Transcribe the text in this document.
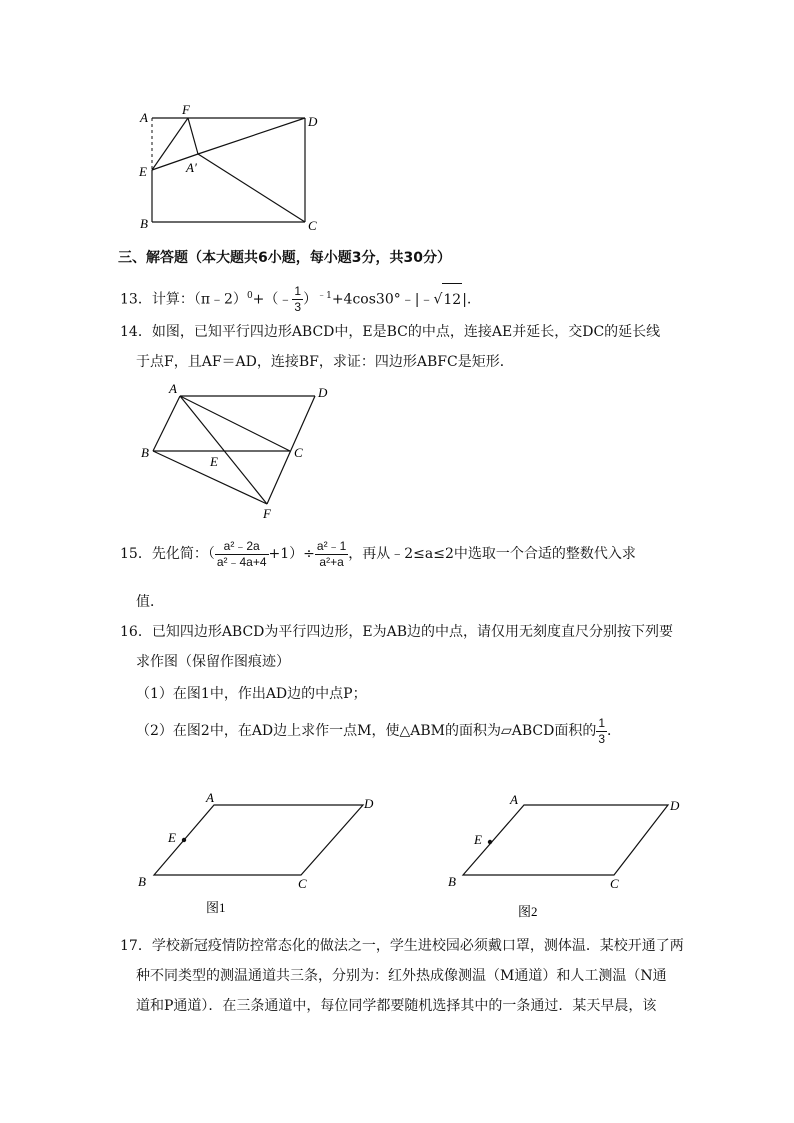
A
F
D
A′
E
B	C
三、解答题（本大题共6小题，每小题3分，共30分）
13．计算：（π﹣2）$^0$+（﹣ $\frac{1}{3}$ ）$^{﹣1}$+4cos30°﹣|﹣√12|.
14．如图，已知平行四边形ABCD中，E是BC的中点，连接AE并延长，交DC的延长线
于点F，且AF＝AD，连接BF，求证：四边形ABFC是矩形．
A	D
B
E
C
F
15．先化简：（ $\frac{\text{a²﹣2a}}{\text{a²﹣4a+4}} +1)\div \frac{\text{a²﹣1}}{\text{a²+a}}$ ，再从﹣2≤a≤2中选取一个合适的整数代入求
值．
16．已知四边形ABCD为平行四边形，E为AB边的中点，请仅用无刻度直尺分别按下列要
求作图（保留作图痕迹）
（1）在图1中，作出AD边的中点P；
（2）在图2中，在AD边上求作一点M，使△ABM的面积为▱ABCD面积的 $\frac{1}{3}$ ．
A	D
E
B	C
图1
A	D
E
B	C
图2
17．学校新冠疫情防控常态化的做法之一，学生进校园必须戴口罩，测体温．某校开通了两
种不同类型的测温通道共三条，分别为：红外热成像测温（M通道）和人工测温（N通
道和P通道）．在三条通道中，每位同学都要随机选择其中的一条通过．某天早晨，该
